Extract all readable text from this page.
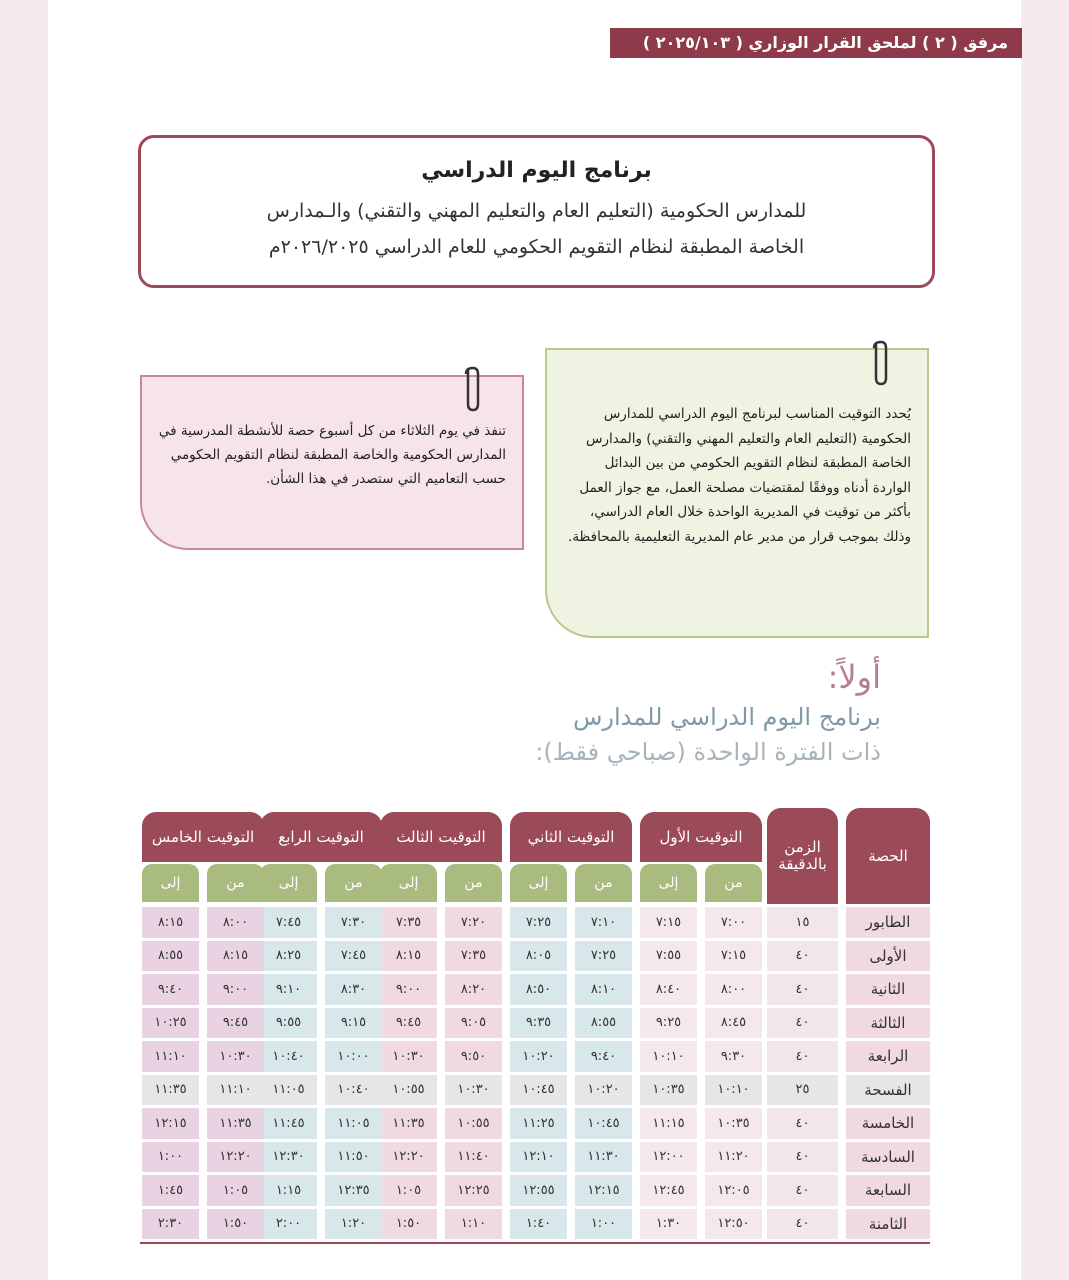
مرفق ( ٢ ) لملحق القرار الوزاري ( ٢٠٢٥/١٠٣ )
برنامج اليوم الدراسي
للمدارس الحكومية (التعليم العام والتعليم المهني والتقني) والـمدارس
الخاصة المطبقة لنظام التقويم الحكومي للعام الدراسي ٢٠٢٦/٢٠٢٥م
تنفذ في يوم الثلاثاء من كل أسبوع حصة للأنشطة المدرسية في المدارس الحكومية والخاصة المطبقة لنظام التقويم الحكومي حسب التعاميم التي ستصدر في هذا الشأن.
يُحدد التوقيت المناسب لبرنامج اليوم الدراسي للمدارس الحكومية (التعليم العام والتعليم المهني والتقني) والمدارس الخاصة المطبقة لنظام التقويم الحكومي من بين البدائل الواردة أدناه ووفقًا لمقتضيات مصلحة العمل، مع جواز العمل بأكثر من توقيت في المديرية الواحدة خلال العام الدراسي، وذلك بموجب قرار من مدير عام المديرية التعليمية بالمحافظة.
أولاً:
برنامج اليوم الدراسي للمدارس
ذات الفترة الواحدة (صباحي فقط):
الحصة
الزمن بالدقيقة
التوقيت الأول
من
إلى
التوقيت الثاني
من
إلى
التوقيت الثالث
من
إلى
التوقيت الرابع
من
إلى
التوقيت الخامس
من
إلى
الطابور
١٥
٧:٠٠
٧:١٥
٧:١٠
٧:٢٥
٧:٢٠
٧:٣٥
٧:٣٠
٧:٤٥
٨:٠٠
٨:١٥
الأولى
٤٠
٧:١٥
٧:٥٥
٧:٢٥
٨:٠٥
٧:٣٥
٨:١٥
٧:٤٥
٨:٢٥
٨:١٥
٨:٥٥
الثانية
٤٠
٨:٠٠
٨:٤٠
٨:١٠
٨:٥٠
٨:٢٠
٩:٠٠
٨:٣٠
٩:١٠
٩:٠٠
٩:٤٠
الثالثة
٤٠
٨:٤٥
٩:٢٥
٨:٥٥
٩:٣٥
٩:٠٥
٩:٤٥
٩:١٥
٩:٥٥
٩:٤٥
١٠:٢٥
الرابعة
٤٠
٩:٣٠
١٠:١٠
٩:٤٠
١٠:٢٠
٩:٥٠
١٠:٣٠
١٠:٠٠
١٠:٤٠
١٠:٣٠
١١:١٠
الفسحة
٢٥
١٠:١٠
١٠:٣٥
١٠:٢٠
١٠:٤٥
١٠:٣٠
١٠:٥٥
١٠:٤٠
١١:٠٥
١١:١٠
١١:٣٥
الخامسة
٤٠
١٠:٣٥
١١:١٥
١٠:٤٥
١١:٢٥
١٠:٥٥
١١:٣٥
١١:٠٥
١١:٤٥
١١:٣٥
١٢:١٥
السادسة
٤٠
١١:٢٠
١٢:٠٠
١١:٣٠
١٢:١٠
١١:٤٠
١٢:٢٠
١١:٥٠
١٢:٣٠
١٢:٢٠
١:٠٠
السابعة
٤٠
١٢:٠٥
١٢:٤٥
١٢:١٥
١٢:٥٥
١٢:٢٥
١:٠٥
١٢:٣٥
١:١٥
١:٠٥
١:٤٥
الثامنة
٤٠
١٢:٥٠
١:٣٠
١:٠٠
١:٤٠
١:١٠
١:٥٠
١:٢٠
٢:٠٠
١:٥٠
٢:٣٠
